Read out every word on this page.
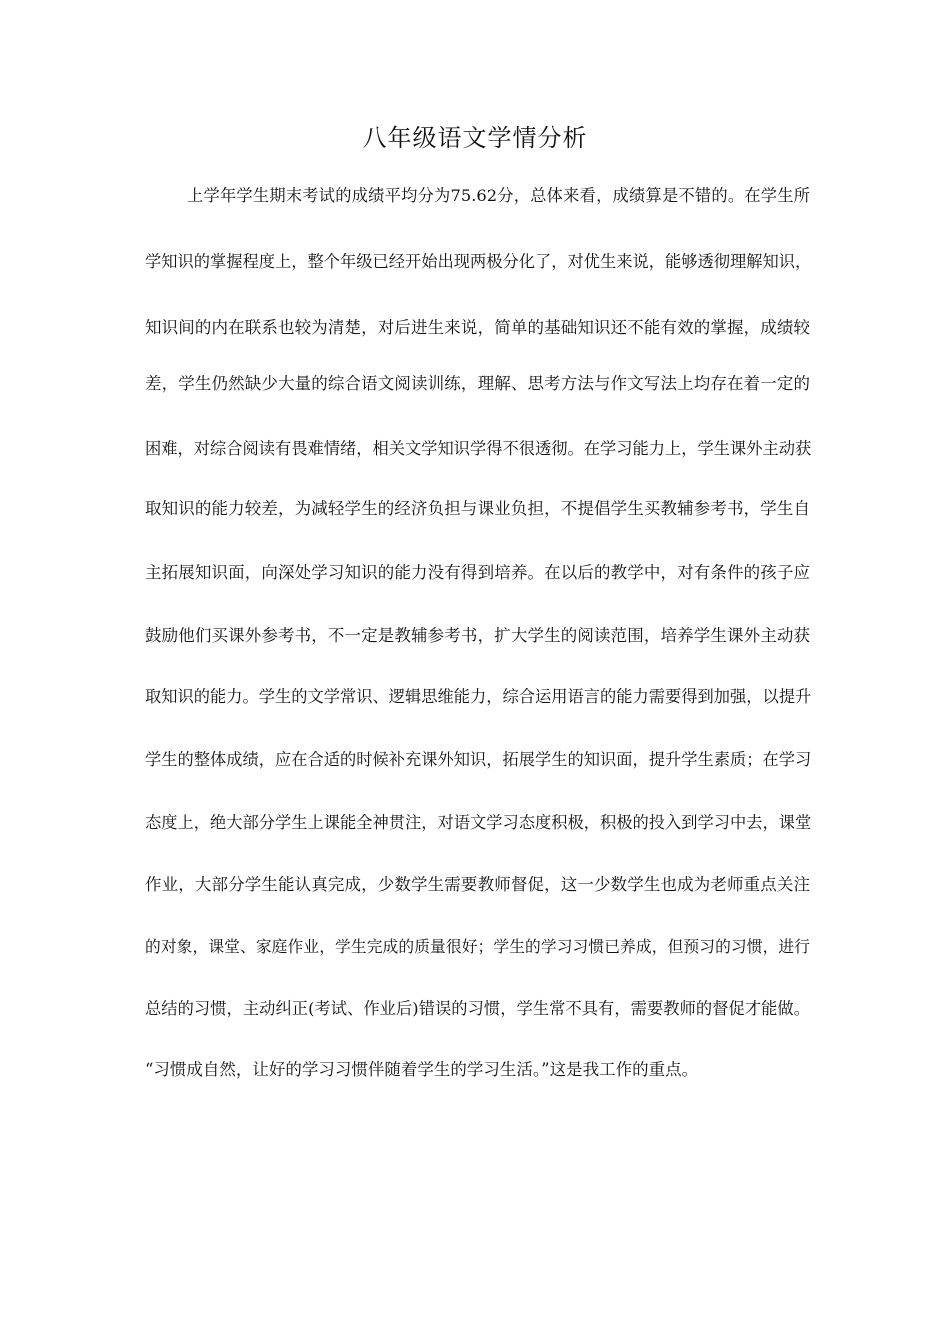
八年级语文学情分析
上学年学生期末考试的成绩平均分为75.62分，总体来看，成绩算是不错的。在学生所
学知识的掌握程度上，整个年级已经开始出现两极分化了，对优生来说，能够透彻理解知识，
知识间的内在联系也较为清楚，对后进生来说，简单的基础知识还不能有效的掌握，成绩较
差，学生仍然缺少大量的综合语文阅读训练，理解、思考方法与作文写法上均存在着一定的
困难，对综合阅读有畏难情绪，相关文学知识学得不很透彻。在学习能力上，学生课外主动获
取知识的能力较差，为减轻学生的经济负担与课业负担，不提倡学生买教辅参考书，学生自
主拓展知识面，向深处学习知识的能力没有得到培养。在以后的教学中，对有条件的孩子应
鼓励他们买课外参考书，不一定是教辅参考书，扩大学生的阅读范围，培养学生课外主动获
取知识的能力。学生的文学常识、逻辑思维能力，综合运用语言的能力需要得到加强，以提升
学生的整体成绩，应在合适的时候补充课外知识，拓展学生的知识面，提升学生素质；在学习
态度上，绝大部分学生上课能全神贯注，对语文学习态度积极，积极的投入到学习中去，课堂
作业，大部分学生能认真完成，少数学生需要教师督促，这一少数学生也成为老师重点关注
的对象，课堂、家庭作业，学生完成的质量很好；学生的学习习惯已养成，但预习的习惯，进行
总结的习惯，主动纠正(考试、作业后)错误的习惯，学生常不具有，需要教师的督促才能做。
“习惯成自然，让好的学习习惯伴随着学生的学习生活。”这是我工作的重点。
